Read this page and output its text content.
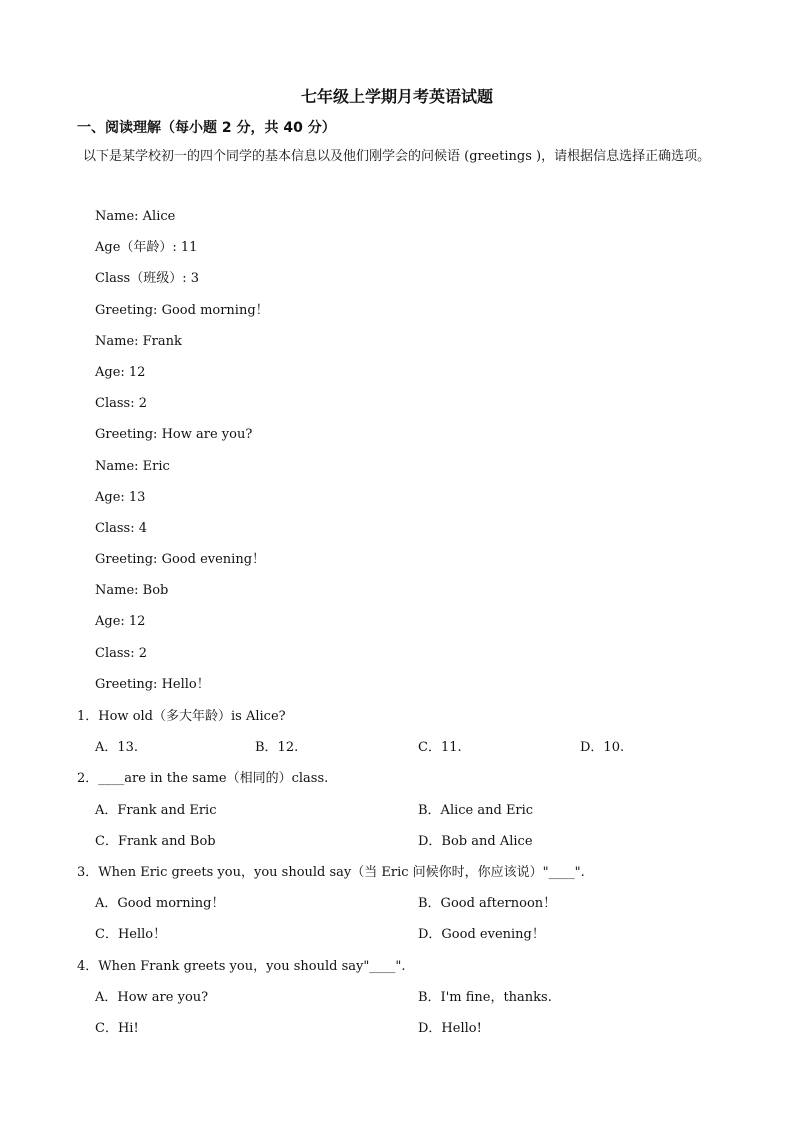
七年级上学期月考英语试题
一、阅读理解（每小题 2 分，共 40 分）
以下是某学校初一的四个同学的基本信息以及他们刚学会的问候语 (greetings )，请根据信息选择正确选项。
Name: Alice
Age（年龄）: 11
Class（班级）: 3
Greeting: Good morning！
Name: Frank
Age: 12
Class: 2
Greeting: How are you?
Name: Eric
Age: 13
Class: 4
Greeting: Good evening！
Name: Bob
Age: 12
Class: 2
Greeting: Hello！
1．How old（多大年龄）is Alice?
A．13.	B．12.	C．11.	D．10.
2．____are in the same（相同的）class.
A．Frank and Eric	B．Alice and Eric
C．Frank and Bob	D．Bob and Alice
3．When Eric greets you，you should say（当 Eric 问候你时，你应该说）"____".
A．Good morning！	B．Good afternoon！
C．Hello！	D．Good evening！
4．When Frank greets you，you should say"____".
A．How are you?	B．I'm fine，thanks.
C．Hi!	D．Hello!
